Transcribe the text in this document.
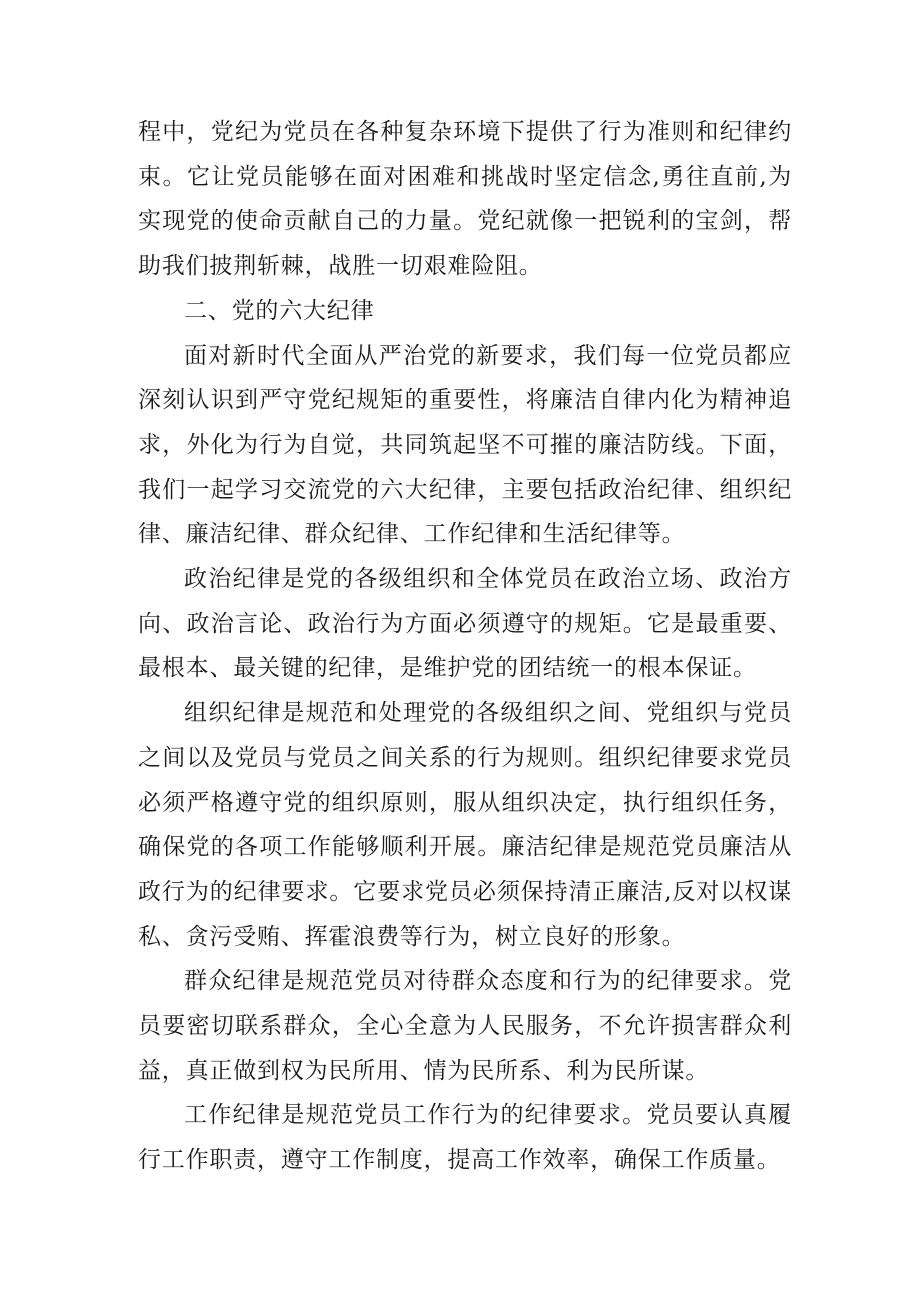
程中，党纪为党员在各种复杂环境下提供了行为准则和纪律约束。它让党员能够在面对困难和挑战时坚定信念,勇往直前,为实现党的使命贡献自己的力量。党纪就像一把锐利的宝剑，帮助我们披荆斩棘，战胜一切艰难险阻。

二、党的六大纪律

面对新时代全面从严治党的新要求，我们每一位党员都应深刻认识到严守党纪规矩的重要性，将廉洁自律内化为精神追求，外化为行为自觉，共同筑起坚不可摧的廉洁防线。下面，我们一起学习交流党的六大纪律，主要包括政治纪律、组织纪律、廉洁纪律、群众纪律、工作纪律和生活纪律等。

政治纪律是党的各级组织和全体党员在政治立场、政治方向、政治言论、政治行为方面必须遵守的规矩。它是最重要、最根本、最关键的纪律，是维护党的团结统一的根本保证。

组织纪律是规范和处理党的各级组织之间、党组织与党员之间以及党员与党员之间关系的行为规则。组织纪律要求党员必须严格遵守党的组织原则，服从组织决定，执行组织任务，确保党的各项工作能够顺利开展。廉洁纪律是规范党员廉洁从政行为的纪律要求。它要求党员必须保持清正廉洁,反对以权谋私、贪污受贿、挥霍浪费等行为，树立良好的形象。

群众纪律是规范党员对待群众态度和行为的纪律要求。党员要密切联系群众，全心全意为人民服务，不允许损害群众利益，真正做到权为民所用、情为民所系、利为民所谋。

工作纪律是规范党员工作行为的纪律要求。党员要认真履行工作职责，遵守工作制度，提高工作效率，确保工作质量。
